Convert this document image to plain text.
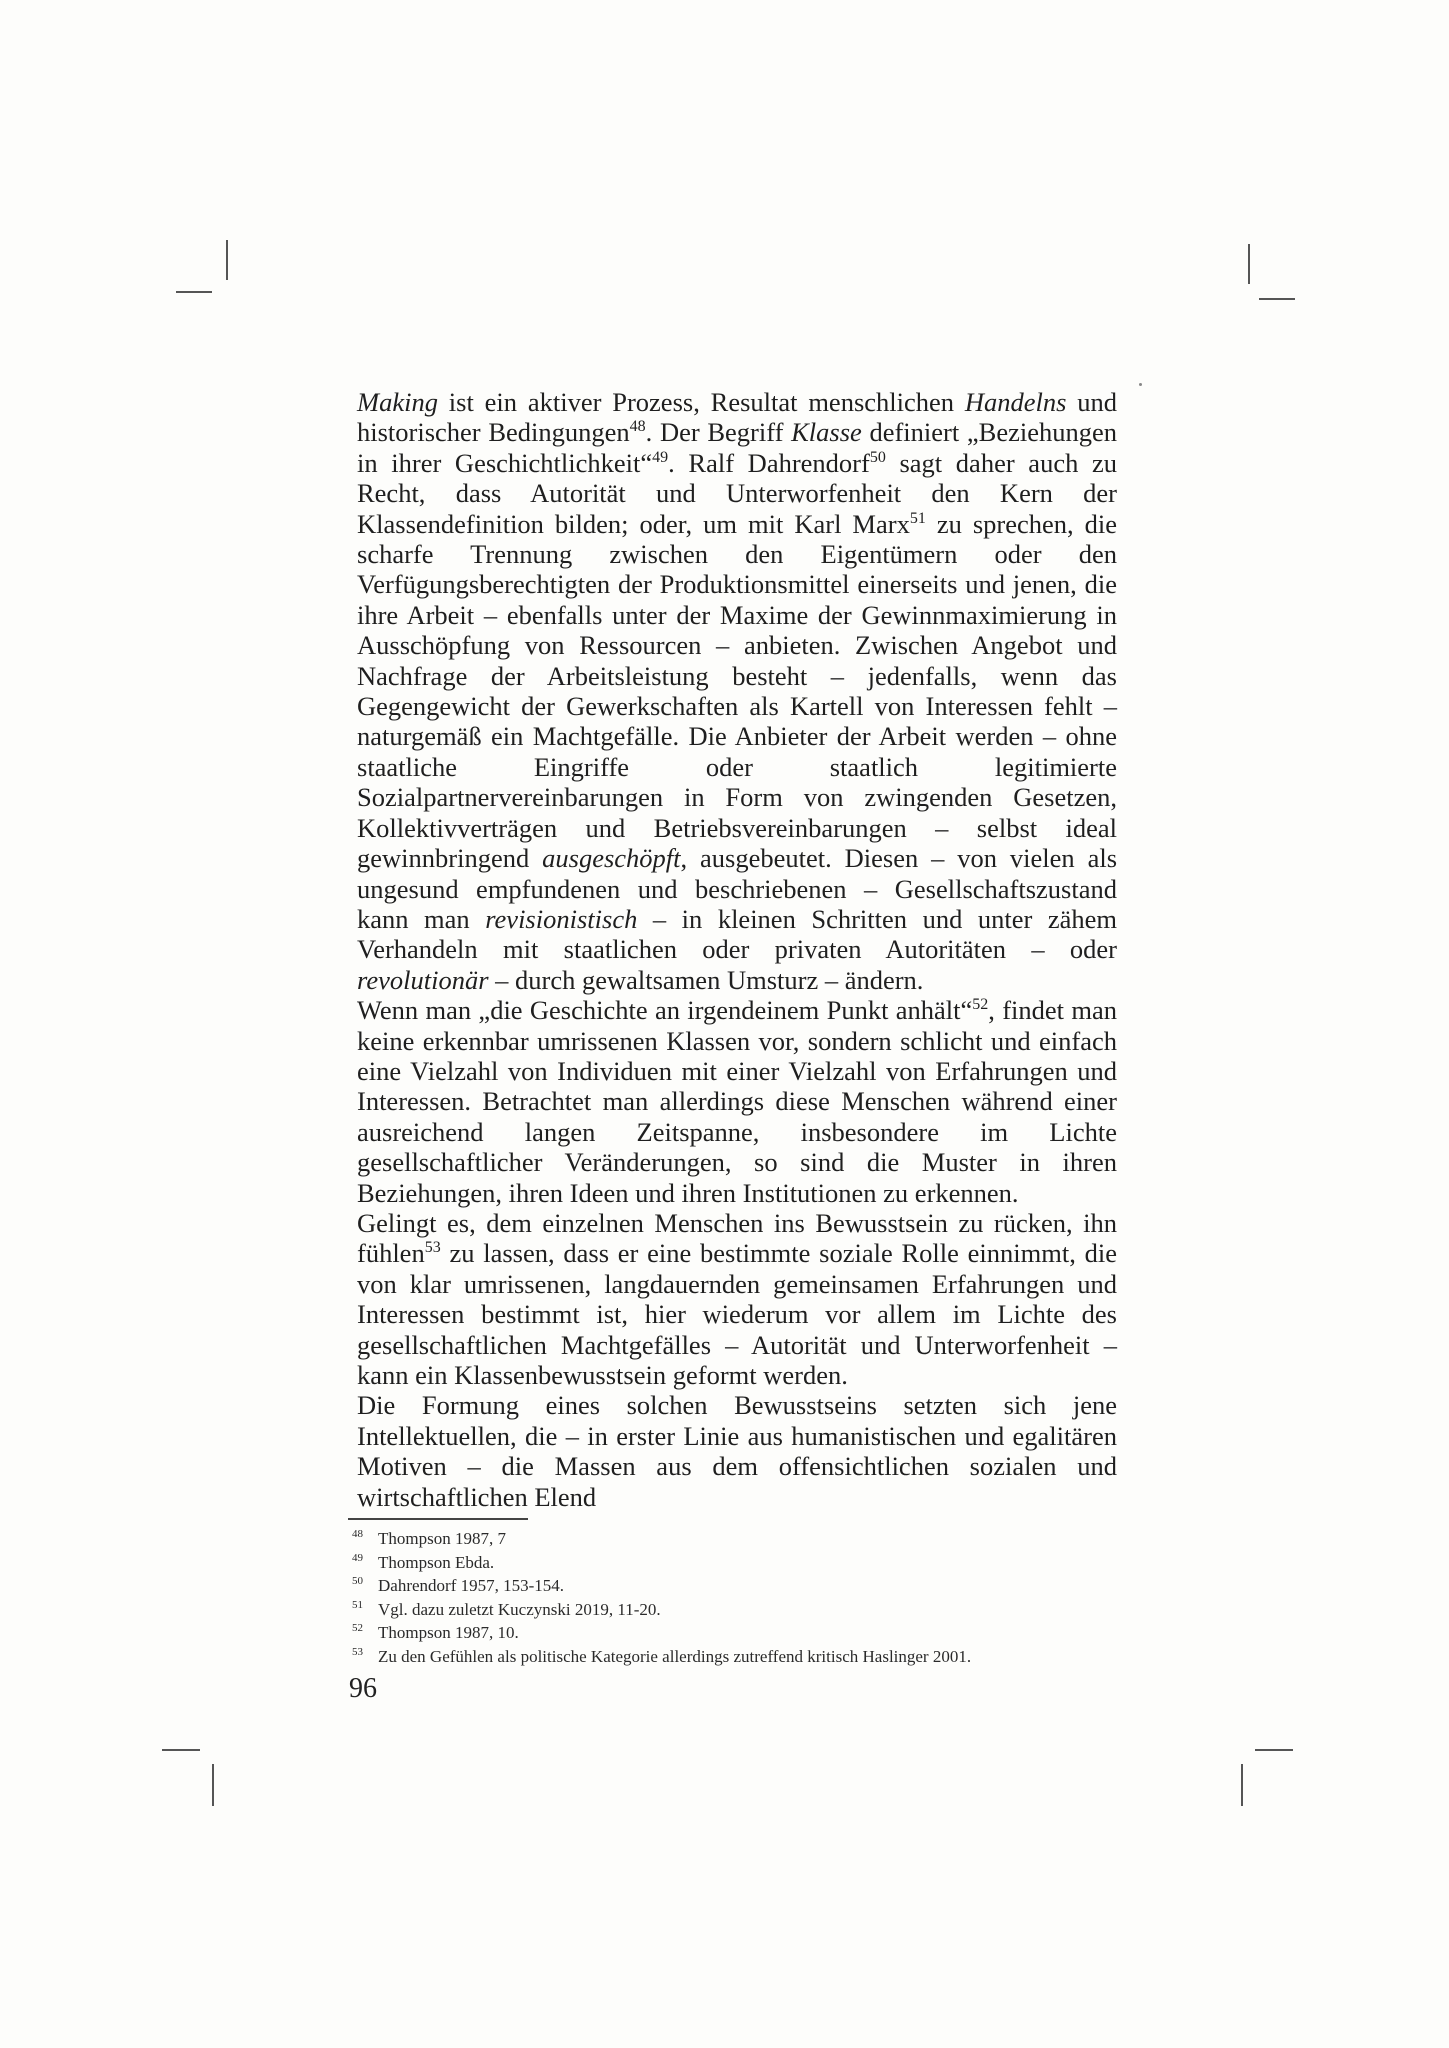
Making ist ein aktiver Prozess, Resultat menschlichen Handelns und historischer Bedingungen$^{48}$. Der Begriff Klasse definiert „Beziehungen in ihrer Geschichtlichkeit“$^{49}$. Ralf Dahrendorf$^{50}$ sagt daher auch zu Recht, dass Autorität und Unterworfenheit den Kern der Klassendefinition bilden; oder, um mit Karl Marx$^{51}$ zu sprechen, die scharfe Trennung zwischen den Eigentümern oder den Verfügungsberechtigten der Produktionsmittel einerseits und jenen, die ihre Arbeit – ebenfalls unter der Maxime der Gewinnmaximierung in Ausschöpfung von Ressourcen – anbieten. Zwischen Angebot und Nachfrage der Arbeitsleistung besteht – jedenfalls, wenn das Gegengewicht der Gewerkschaften als Kartell von Interessen fehlt – naturgemäß ein Machtgefälle. Die Anbieter der Arbeit werden – ohne staatliche Eingriffe oder staatlich legitimierte Sozialpartnervereinbarungen in Form von zwingenden Gesetzen, Kollektivverträgen und Betriebsvereinbarungen – selbst ideal gewinnbringend ausgeschöpft, ausgebeutet. Diesen – von vielen als ungesund empfundenen und beschriebenen – Gesellschaftszustand kann man revisionistisch – in kleinen Schritten und unter zähem Verhandeln mit staatlichen oder privaten Autoritäten – oder revolutionär – durch gewaltsamen Umsturz – ändern.

Wenn man „die Geschichte an irgendeinem Punkt anhält“$^{52}$, findet man keine erkennbar umrissenen Klassen vor, sondern schlicht und einfach eine Vielzahl von Individuen mit einer Vielzahl von Erfahrungen und Interessen. Betrachtet man allerdings diese Menschen während einer ausreichend langen Zeitspanne, insbesondere im Lichte gesellschaftlicher Veränderungen, so sind die Muster in ihren Beziehungen, ihren Ideen und ihren Institutionen zu erkennen.

Gelingt es, dem einzelnen Menschen ins Bewusstsein zu rücken, ihn fühlen$^{53}$ zu lassen, dass er eine bestimmte soziale Rolle einnimmt, die von klar umrissenen, langdauernden gemeinsamen Erfahrungen und Interessen bestimmt ist, hier wiederum vor allem im Lichte des gesellschaftlichen Machtgefälles – Autorität und Unterworfenheit – kann ein Klassenbewusstsein geformt werden.

Die Formung eines solchen Bewusstseins setzten sich jene Intellektuellen, die – in erster Linie aus humanistischen und egalitären Motiven – die Massen aus dem offensichtlichen sozialen und wirtschaftlichen Elend

48 Thompson 1987, 7
49 Thompson Ebda.
50 Dahrendorf 1957, 153-154.
51 Vgl. dazu zuletzt Kuczynski 2019, 11-20.
52 Thompson 1987, 10.
53 Zu den Gefühlen als politische Kategorie allerdings zutreffend kritisch Haslinger 2001.
96
